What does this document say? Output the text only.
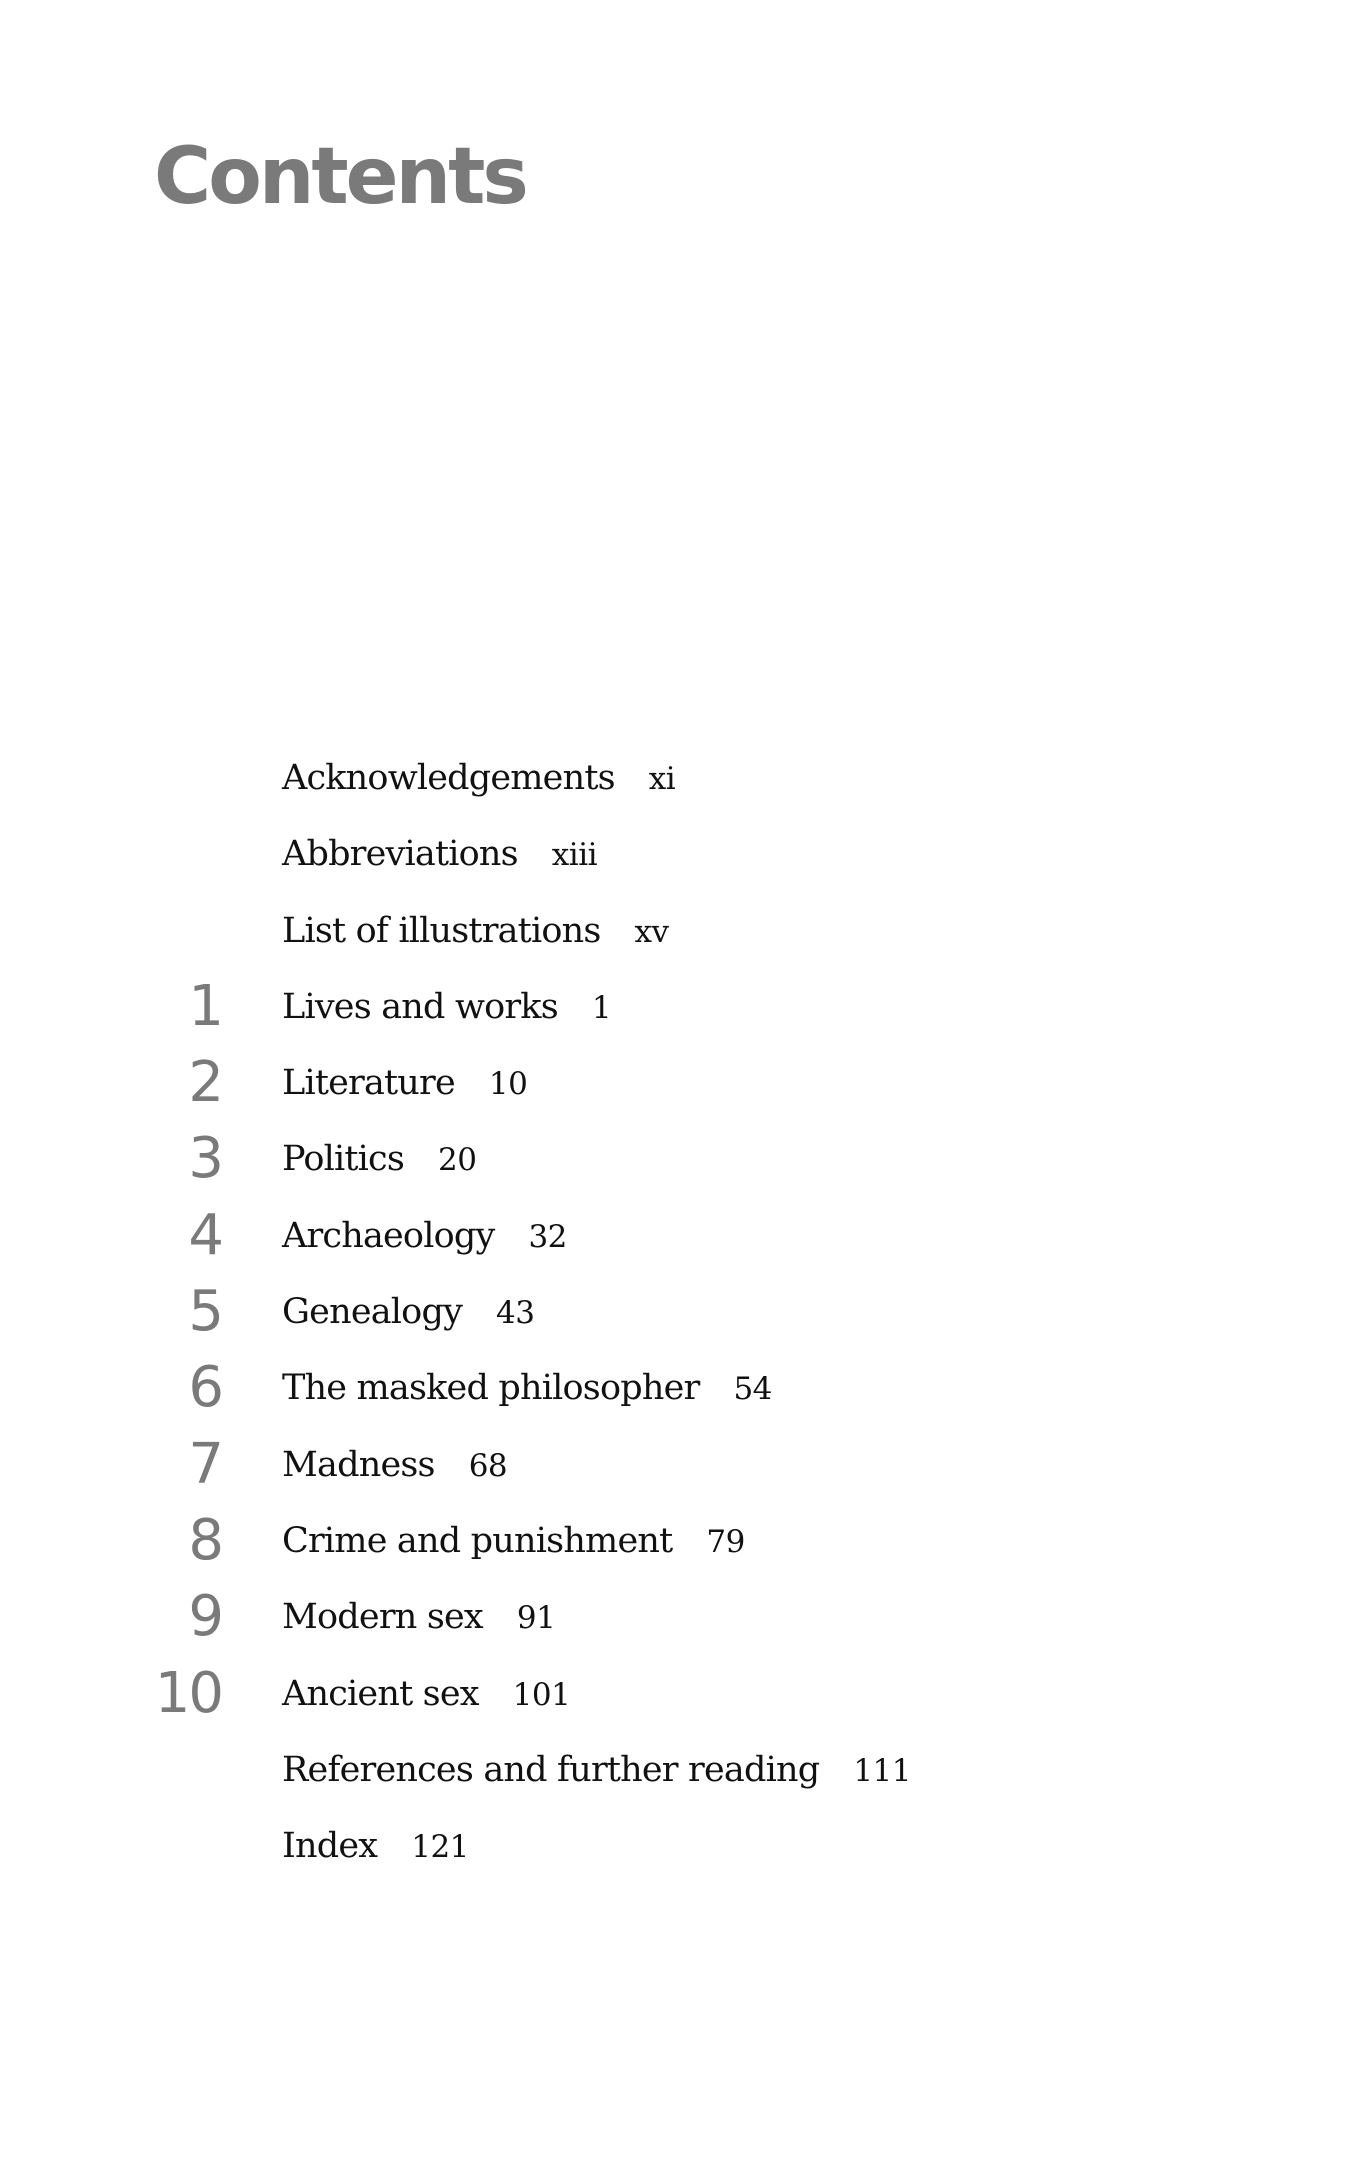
Contents
Acknowledgements xi
Abbreviations xiii
List of illustrations xv
1 Lives and works 1
2 Literature 10
3 Politics 20
4 Archaeology 32
5 Genealogy 43
6 The masked philosopher 54
7 Madness 68
8 Crime and punishment 79
9 Modern sex 91
10 Ancient sex 101
References and further reading 111
Index 121
